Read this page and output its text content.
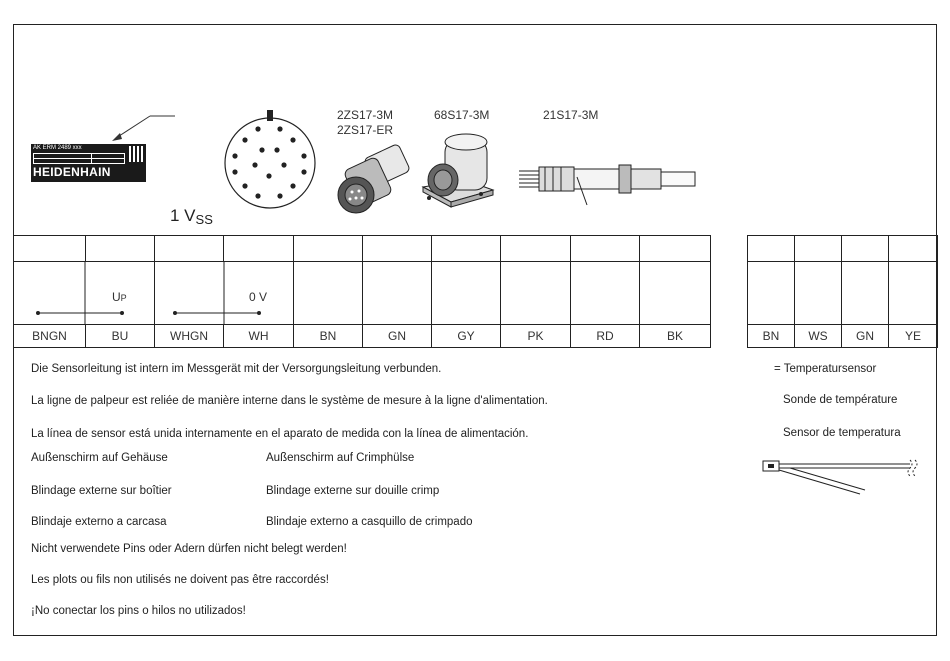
AK ERM 2489 xxx
HEIDENHAIN
1 $V_{SS}$
2ZS17-3M
2ZS17-ER
68S17-3M	21S17-3M

UP		0 V							

BNGN	BU	WHGN	WH	BN	GN	GY	PK	RD	BK

				BN	WS	GN	YE
Die Sensorleitung ist intern im Messgerät mit der Versorgungsleitung verbunden.
La ligne de palpeur est reliée de manière interne dans le système de mesure à la ligne d'alimentation.
La línea de sensor está unida internamente en el aparato de medida con la línea de alimentación.
Außenschirm auf Gehäuse	Außenschirm auf Crimphülse
Blindage externe sur boîtier	Blindage externe sur douille crimp
Blindaje externo a carcasa	Blindaje externo a casquillo de crimpado
Nicht verwendete Pins oder Adern dürfen nicht belegt werden!
Les plots ou fils non utilisés ne doivent pas être raccordés!
¡No conectar los pins o hilos no utilizados!
= Temperatursensor
Sonde de température
Sensor de temperatura
